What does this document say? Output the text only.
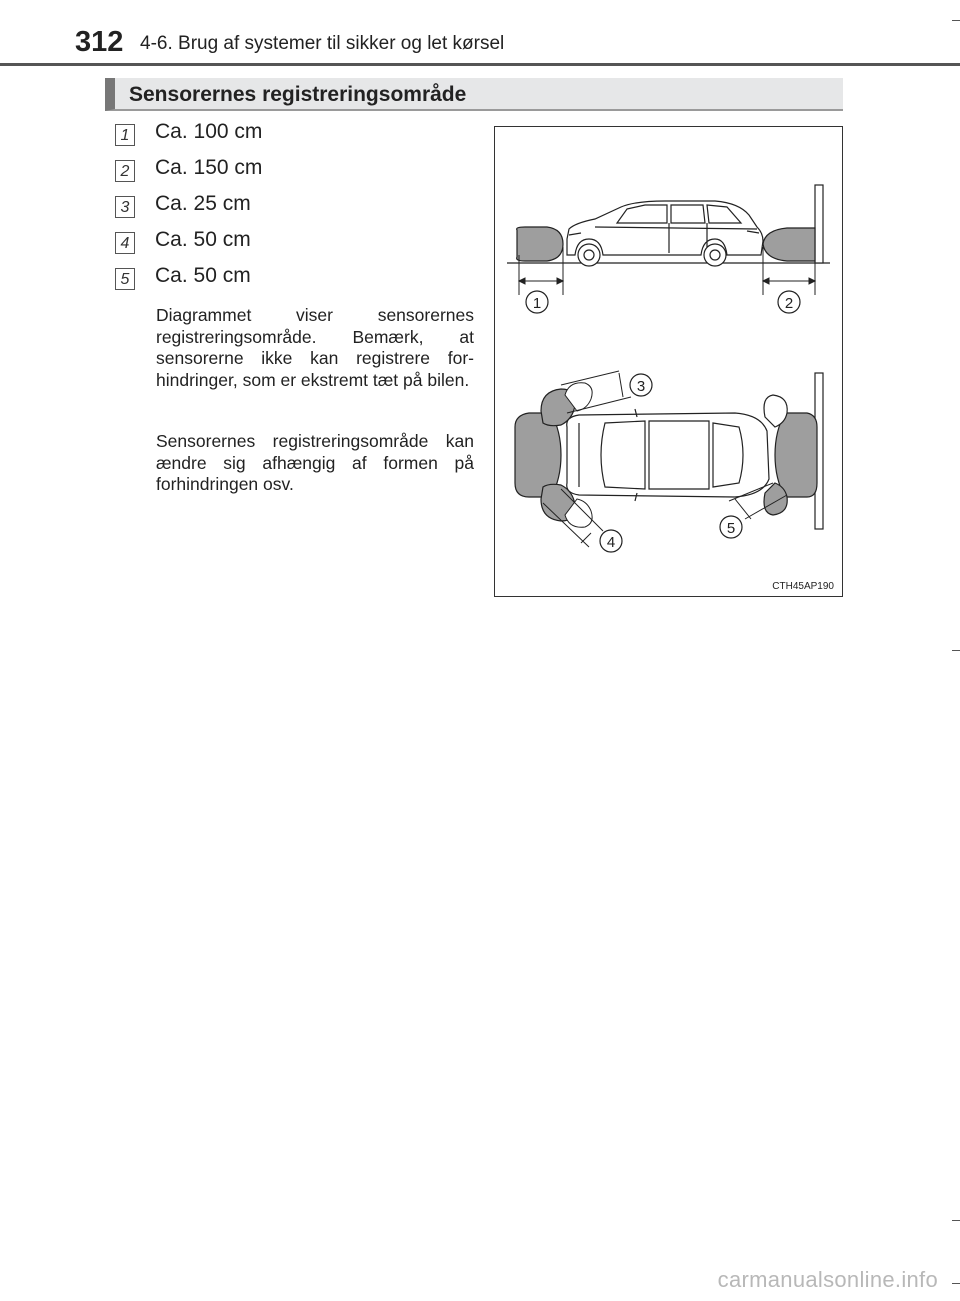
312 4-6. Brug af systemer til sikker og let kørsel
Sensorernes registreringsområde
1 Ca. 100 cm
2 Ca. 150 cm
3 Ca. 25 cm
4 Ca. 50 cm
5 Ca. 50 cm
Diagrammet viser sensorernes registreringsområde. Bemærk, at sensorerne ikke kan registrere for-hindringer, som er ekstremt tæt på bilen.
Sensorernes registreringsområde kan ændre sig afhængig af formen på forhindringen osv.
1	2
3
4
5
CTH45AP190
carmanualsonline.info
